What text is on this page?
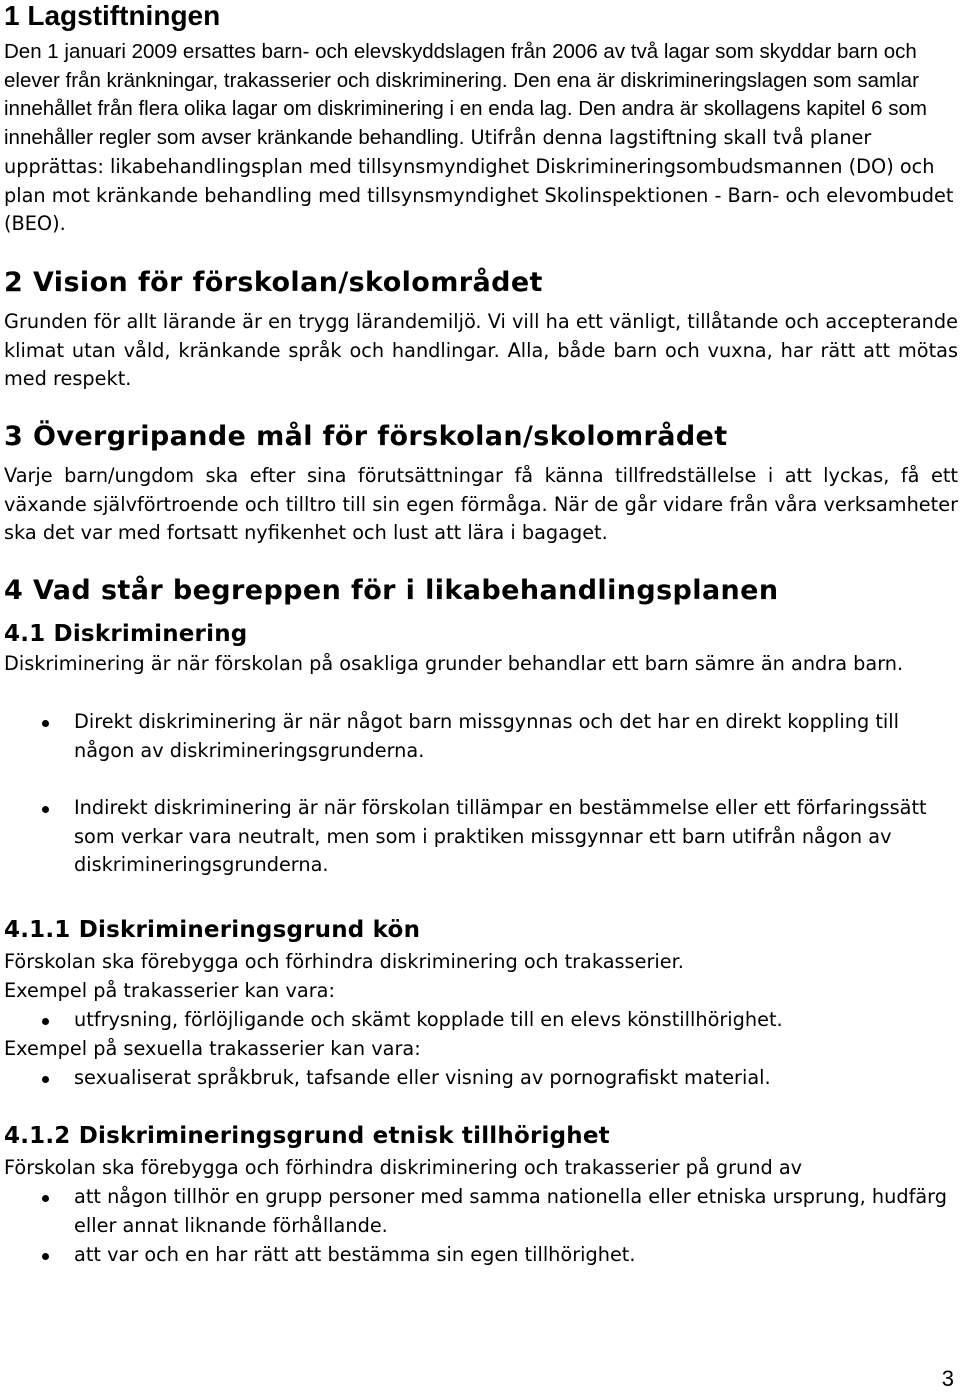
1 Lagstiftningen
Den 1 januari 2009 ersattes barn- och elevskyddslagen från 2006 av två lagar som skyddar barn och elever från kränkningar, trakasserier och diskriminering. Den ena är diskrimineringslagen som samlar innehållet från flera olika lagar om diskriminering i en enda lag. Den andra är skollagens kapitel 6 som innehåller regler som avser kränkande behandling. Utifrån denna lagstiftning skall två planer upprättas: likabehandlingsplan med tillsynsmyndighet Diskrimineringsombudsmannen (DO) och plan mot kränkande behandling med tillsynsmyndighet Skolinspektionen - Barn- och elevombudet (BEO).
2 Vision för förskolan/skolområdet
Grunden för allt lärande är en trygg lärandemiljö. Vi vill ha ett vänligt, tillåtande och accepterande klimat utan våld, kränkande språk och handlingar. Alla, både barn och vuxna, har rätt att mötas med respekt.
3 Övergripande mål för förskolan/skolområdet
Varje barn/ungdom ska efter sina förutsättningar få känna tillfredställelse i att lyckas, få ett växande självförtroende och tilltro till sin egen förmåga. När de går vidare från våra verksamheter ska det var med fortsatt nyfikenhet och lust att lära i bagaget.
4 Vad står begreppen för i likabehandlingsplanen
4.1 Diskriminering
Diskriminering är när förskolan på osakliga grunder behandlar ett barn sämre än andra barn.
Direkt diskriminering är när något barn missgynnas och det har en direkt koppling till någon av diskrimineringsgrunderna.
Indirekt diskriminering är när förskolan tillämpar en bestämmelse eller ett förfaringssätt som verkar vara neutralt, men som i praktiken missgynnar ett barn utifrån någon av diskrimineringsgrunderna.
4.1.1 Diskrimineringsgrund kön
Förskolan ska förebygga och förhindra diskriminering och trakasserier.
Exempel på trakasserier kan vara:
utfrysning, förlöjligande och skämt kopplade till en elevs könstillhörighet.
Exempel på sexuella trakasserier kan vara:
sexualiserat språkbruk, tafsande eller visning av pornografiskt material.
4.1.2 Diskrimineringsgrund etnisk tillhörighet
Förskolan ska förebygga och förhindra diskriminering och trakasserier på grund av
att någon tillhör en grupp personer med samma nationella eller etniska ursprung, hudfärg eller annat liknande förhållande.
att var och en har rätt att bestämma sin egen tillhörighet.
3
